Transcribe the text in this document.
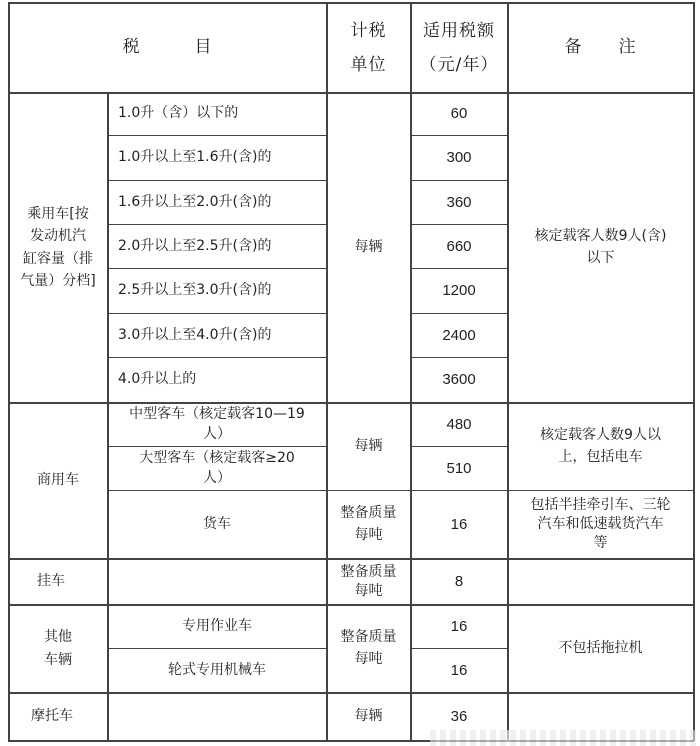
税　　　目
计税
单位
适用税额
（元/年）
备　　注
乘用车[按
发动机汽
缸容量（排
气量）分档]
1.0升（含）以下的
1.0升以上至1.6升(含)的
1.6升以上至2.0升(含)的
2.0升以上至2.5升(含)的
2.5升以上至3.0升(含)的
3.0升以上至4.0升(含)的
4.0升以上的
每辆
60
300
360
660
1200
2400
3600
核定载客人数9人(含)
以下
商用车
中型客车（核定载客10—19
人）
大型客车（核定载客≥20
人）
每辆
480
510
核定载客人数9人以
上，包括电车
货车
整备质量
每吨
16
包括半挂牵引车、三轮
汽车和低速载货汽车
等
挂车
整备质量
每吨
8
其他
车辆
专用作业车
轮式专用机械车
整备质量
每吨
16
16
不包括拖拉机
摩托车	每辆	36
